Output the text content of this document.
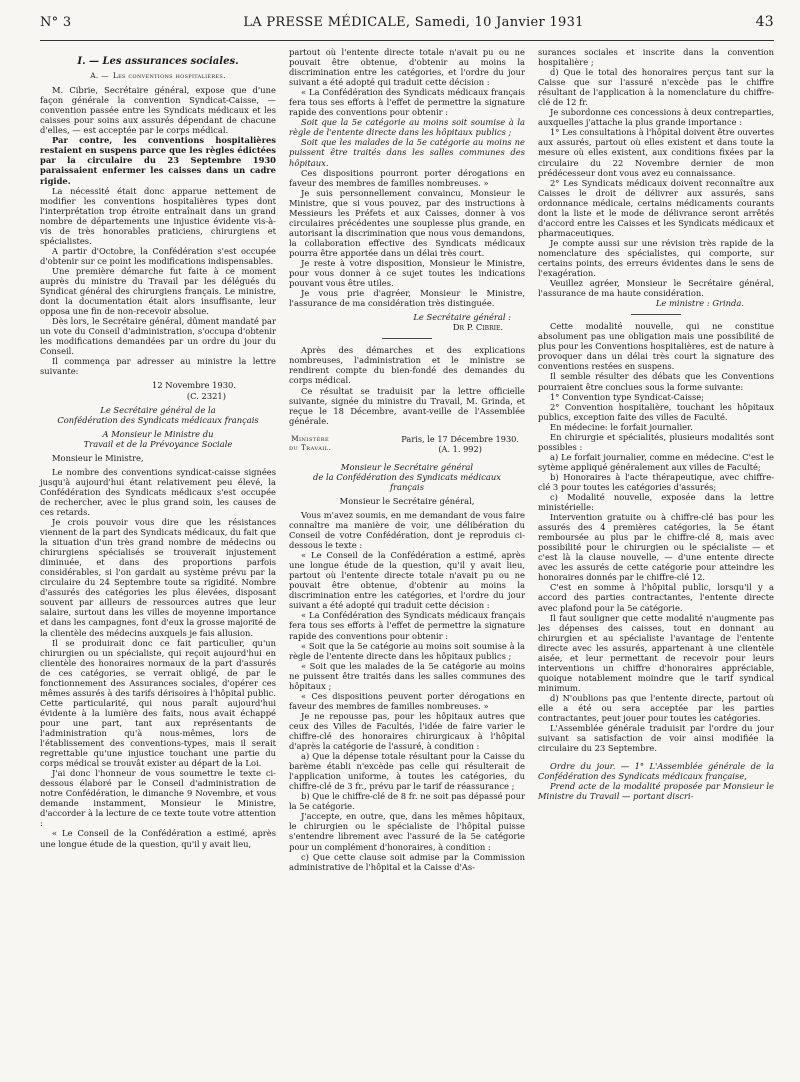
N° 3	LA PRESSE MÉDICALE, Samedi, 10 Janvier 1931	43
I. — Les assurances sociales.
A. — Les conventions hospitalières.

M. Cibrie, Secrétaire général, expose que d'une façon générale la convention Syndicat-Caisse, — convention passée entre les Syndicats médicaux et les caisses pour soins aux assurés dépendant de chacune d'elles, — est acceptée par le corps médical.

Par contre, les conventions hospitalières restaient en suspens parce que les règles édictées par la circulaire du 23 Septembre 1930 paraissaient enfermer les caisses dans un cadre rigide.

La nécessité était donc apparue nettement de modifier les conventions hospitalières types dont l'interprétation trop étroite entraînait dans un grand nombre de départements une injustice évidente vis-à-vis de très honorables praticiens, chirurgiens et spécialistes.

A partir d'Octobre, la Confédération s'est occupée d'obtenir sur ce point les modifications indispensables.

Une première démarche fut faite à ce moment auprès du ministre du Travail par les délégués du Syndicat général des chirurgiens français. Le ministre, dont la documentation était alors insuffisante, leur opposa une fin de non-recevoir absolue.

Dès lors, le Secrétaire général, dûment mandaté par un vote du Conseil d'administration, s'occupa d'obtenir les modifications demandées par un ordre du jour du Conseil.

Il commença par adresser au ministre la lettre suivante:

12 Novembre 1930.
(C. 2321)
Le Secrétaire général de la
Confédération des Syndicats médicaux français
A Monsieur le Ministre du
Travail et de la Prévoyance Sociale

Monsieur le Ministre,

Le nombre des conventions syndicat-caisse signées jusqu'à aujourd'hui étant relativement peu élevé, la Confédération des Syndicats médicaux s'est occupée de rechercher, avec le plus grand soin, les causes de ces retards.

Je crois pouvoir vous dire que les résistances viennent de la part des Syndicats médicaux, du fait que la situation d'un très grand nombre de médecins ou chirurgiens spécialisés se trouverait injustement diminuée, et dans des proportions parfois considérables, si l'on gardait au système prévu par la circulaire du 24 Septembre toute sa rigidité. Nombre d'assurés des catégories les plus élevées, disposant souvent par ailleurs de ressources autres que leur salaire, surtout dans les villes de moyenne importance et dans les campagnes, font d'eux la grosse majorité de la clientèle des médecins auxquels je fais allusion.

Il se produirait donc ce fait particulier, qu'un chirurgien ou un spécialiste, qui reçoit aujourd'hui en clientèle des honoraires normaux de la part d'assurés de ces catégories, se verrait obligé, de par le fonctionnement des Assurances sociales, d'opérer ces mêmes assurés à des tarifs dérisoires à l'hôpital public. Cette particularité, qui nous paraît aujourd'hui évidente à la lumière des faits, nous avait échappé pour une part, tant aux représentants de l'administration qu'à nous-mêmes, lors de l'établissement des conventions-types, mais il serait regrettable qu'une injustice touchant une partie du corps médical se trouvât exister au départ de la Loi.

J'ai donc l'honneur de vous soumettre le texte ci-dessous élaboré par le Conseil d'administration de notre Confédération, le dimanche 9 Novembre, et vous demande instamment, Monsieur le Ministre, d'accorder à la lecture de ce texte toute votre attention :

« Le Conseil de la Confédération a estimé, après une longue étude de la question, qu'il y avait lieu,

partout où l'entente directe totale n'avait pu ou ne pouvait être obtenue, d'obtenir au moins la discrimination entre les catégories, et l'ordre du jour suivant a été adopté qui traduit cette décision :

« La Confédération des Syndicats médicaux français fera tous ses efforts à l'effet de permettre la signature rapide des conventions pour obtenir :

Soit que la 5e catégorie au moins soit soumise à la règle de l'entente directe dans les hôpitaux publics ;

Soit que les malades de la 5e catégorie au moins ne puissent être traités dans les salles communes des hôpitaux.

Ces dispositions pourront porter dérogations en faveur des membres de familles nombreuses. »

Je suis personnellement convaincu, Monsieur le Ministre, que si vous pouvez, par des instructions à Messieurs les Préfets et aux Caisses, donner à vos circulaires précédentes une souplesse plus grande, en autorisant la discrimination que nous vous demandons, la collaboration effective des Syndicats médicaux pourra être apportée dans un délai très court.

Je reste à votre disposition, Monsieur le Ministre, pour vous donner à ce sujet toutes les indications pouvant vous être utiles.

Je vous prie d'agréer, Monsieur le Ministre, l'assurance de ma considération très distinguée.

Le Secrétaire général :
Dr P. Cibrie.

Après des démarches et des explications nombreuses, l'administration et le ministre se rendirent compte du bien-fondé des demandes du corps médical.

Ce résultat se traduisit par la lettre officielle suivante, signée du ministre du Travail, M. Grinda, et reçue le 18 Décembre, avant-veille de l'Assemblée générale.

Ministère
du Travail.
Paris, le 17 Décembre 1930.
(A. 1. 992)
Monsieur le Secrétaire général
de la Confédération des Syndicats médicaux
français
Monsieur le Secrétaire général,

Vous m'avez soumis, en me demandant de vous faire connaître ma manière de voir, une délibération du Conseil de votre Confédération, dont je reproduis ci-dessous le texte :

« Le Conseil de la Confédération a estimé, après une longue étude de la question, qu'il y avait lieu, partout où l'entente directe totale n'avait pu ou ne pouvait être obtenue, d'obtenir au moins la discrimination entre les catégories, et l'ordre du jour suivant a été adopté qui traduit cette décision :

« La Confédération des Syndicats médicaux français fera tous ses efforts à l'effet de permettre la signature rapide des conventions pour obtenir :

« Soit que la 5e catégorie au moins soit soumise à la règle de l'entente directe dans les hôpitaux publics ;

« Soit que les malades de la 5e catégorie au moins ne puissent être traités dans les salles communes des hôpitaux ;

« Ces dispositions peuvent porter dérogations en faveur des membres de familles nombreuses. »

Je ne repousse pas, pour les hôpitaux autres que ceux des Villes de Facultés, l'idée de faire varier le chiffre-clé des honoraires chirurgicaux à l'hôpital d'après la catégorie de l'assuré, à condition :

a) Que la dépense totale résultant pour la Caisse du barème établi n'excède pas celle qui résulterait de l'application uniforme, à toutes les catégories, du chiffre-clé de 3 fr., prévu par le tarif de réassurance ;

b) Que le chiffre-clé de 8 fr. ne soit pas dépassé pour la 5e catégorie.

J'accepte, en outre, que, dans les mêmes hôpitaux, le chirurgien ou le spécialiste de l'hôpital puisse s'entendre librement avec l'assuré de la 5e catégorie pour un complément d'honoraires, à condition :

c) Que cette clause soit admise par la Commission administrative de l'hôpital et la Caisse d'As-

surances sociales et inscrite dans la convention hospitalière ;

d) Que le total des honoraires perçus tant sur la Caisse que sur l'assuré n'excède pas le chiffre résultant de l'application à la nomenclature du chiffre-clé de 12 fr.

Je subordonne ces concessions à deux contreparties, auxquelles j'attache la plus grande importance :

1° Les consultations à l'hôpital doivent être ouvertes aux assurés, partout où elles existent et dans toute la mesure où elles existent, aux conditions fixées par la circulaire du 22 Novembre dernier de mon prédécesseur dont vous avez eu connaissance.

2° Les Syndicats médicaux doivent reconnaître aux Caisses le droit de délivrer aux assurés, sans ordonnance médicale, certains médicaments courants dont la liste et le mode de délivrance seront arrêtés d'accord entre les Caisses et les Syndicats médicaux et pharmaceutiques.

Je compte aussi sur une révision très rapide de la nomenclature des spécialistes, qui comporte, sur certains points, des erreurs évidentes dans le sens de l'exagération.

Veuillez agréer, Monsieur le Secrétaire général, l'assurance de ma haute considération.

Le ministre : Grinda.

Cette modalité nouvelle, qui ne constitue absolument pas une obligation mais une possibilité de plus pour les Conventions hospitalières, est de nature à provoquer dans un délai très court la signature des conventions restées en suspens.

Il semble résulter des débats que les Conventions pourraient être conclues sous la forme suivante:

1° Convention type Syndicat-Caisse;

2° Convention hospitalière, touchant les hôpitaux publics, exception faite des villes de Faculté.

En médecine: le forfait journalier.

En chirurgie et spécialités, plusieurs modalités sont possibles :

a) Le forfait journalier, comme en médecine. C'est le sytème appliqué généralement aux villes de Faculté;

b) Honoraires à l'acte thérapeutique, avec chiffre-clé 3 pour toutes les catégories d'assurés;

c) Modalité nouvelle, exposée dans la lettre ministérielle:

Intervention gratuite ou à chiffre-clé bas pour les assurés des 4 premières catégories, la 5e étant remboursée au plus par le chiffre-clé 8, mais avec possibilité pour le chirurgien ou le spécialiste — et c'est là la clause nouvelle, — d'une entente directe avec les assurés de cette catégorie pour atteindre les honoraires donnés par le chiffre-clé 12.

C'est en somme à l'hôpital public, lorsqu'il y a accord des parties contractantes, l'entente directe avec plafond pour la 5e catégorie.

Il faut souligner que cette modalité n'augmente pas les dépenses des caisses, tout en donnant au chirurgien et au spécialiste l'avantage de l'entente directe avec les assurés, appartenant à une clientèle aisée, et leur permettant de recevoir pour leurs interventions un chiffre d'honoraires appréciable, quoique notablement moindre que le tarif syndical minimum.

d) N'oublions pas que l'entente directe, partout où elle a été ou sera acceptée par les parties contractantes, peut jouer pour toutes les catégories.

L'Assemblée générale traduisit par l'ordre du jour suivant sa satisfaction de voir ainsi modifiée la circulaire du 23 Septembre.

Ordre du jour. — 1° L'Assemblée générale de la Confédération des Syndicats médicaux française,

Prend acte de la modalité proposée par Monsieur le Ministre du Travail — portant discri-
